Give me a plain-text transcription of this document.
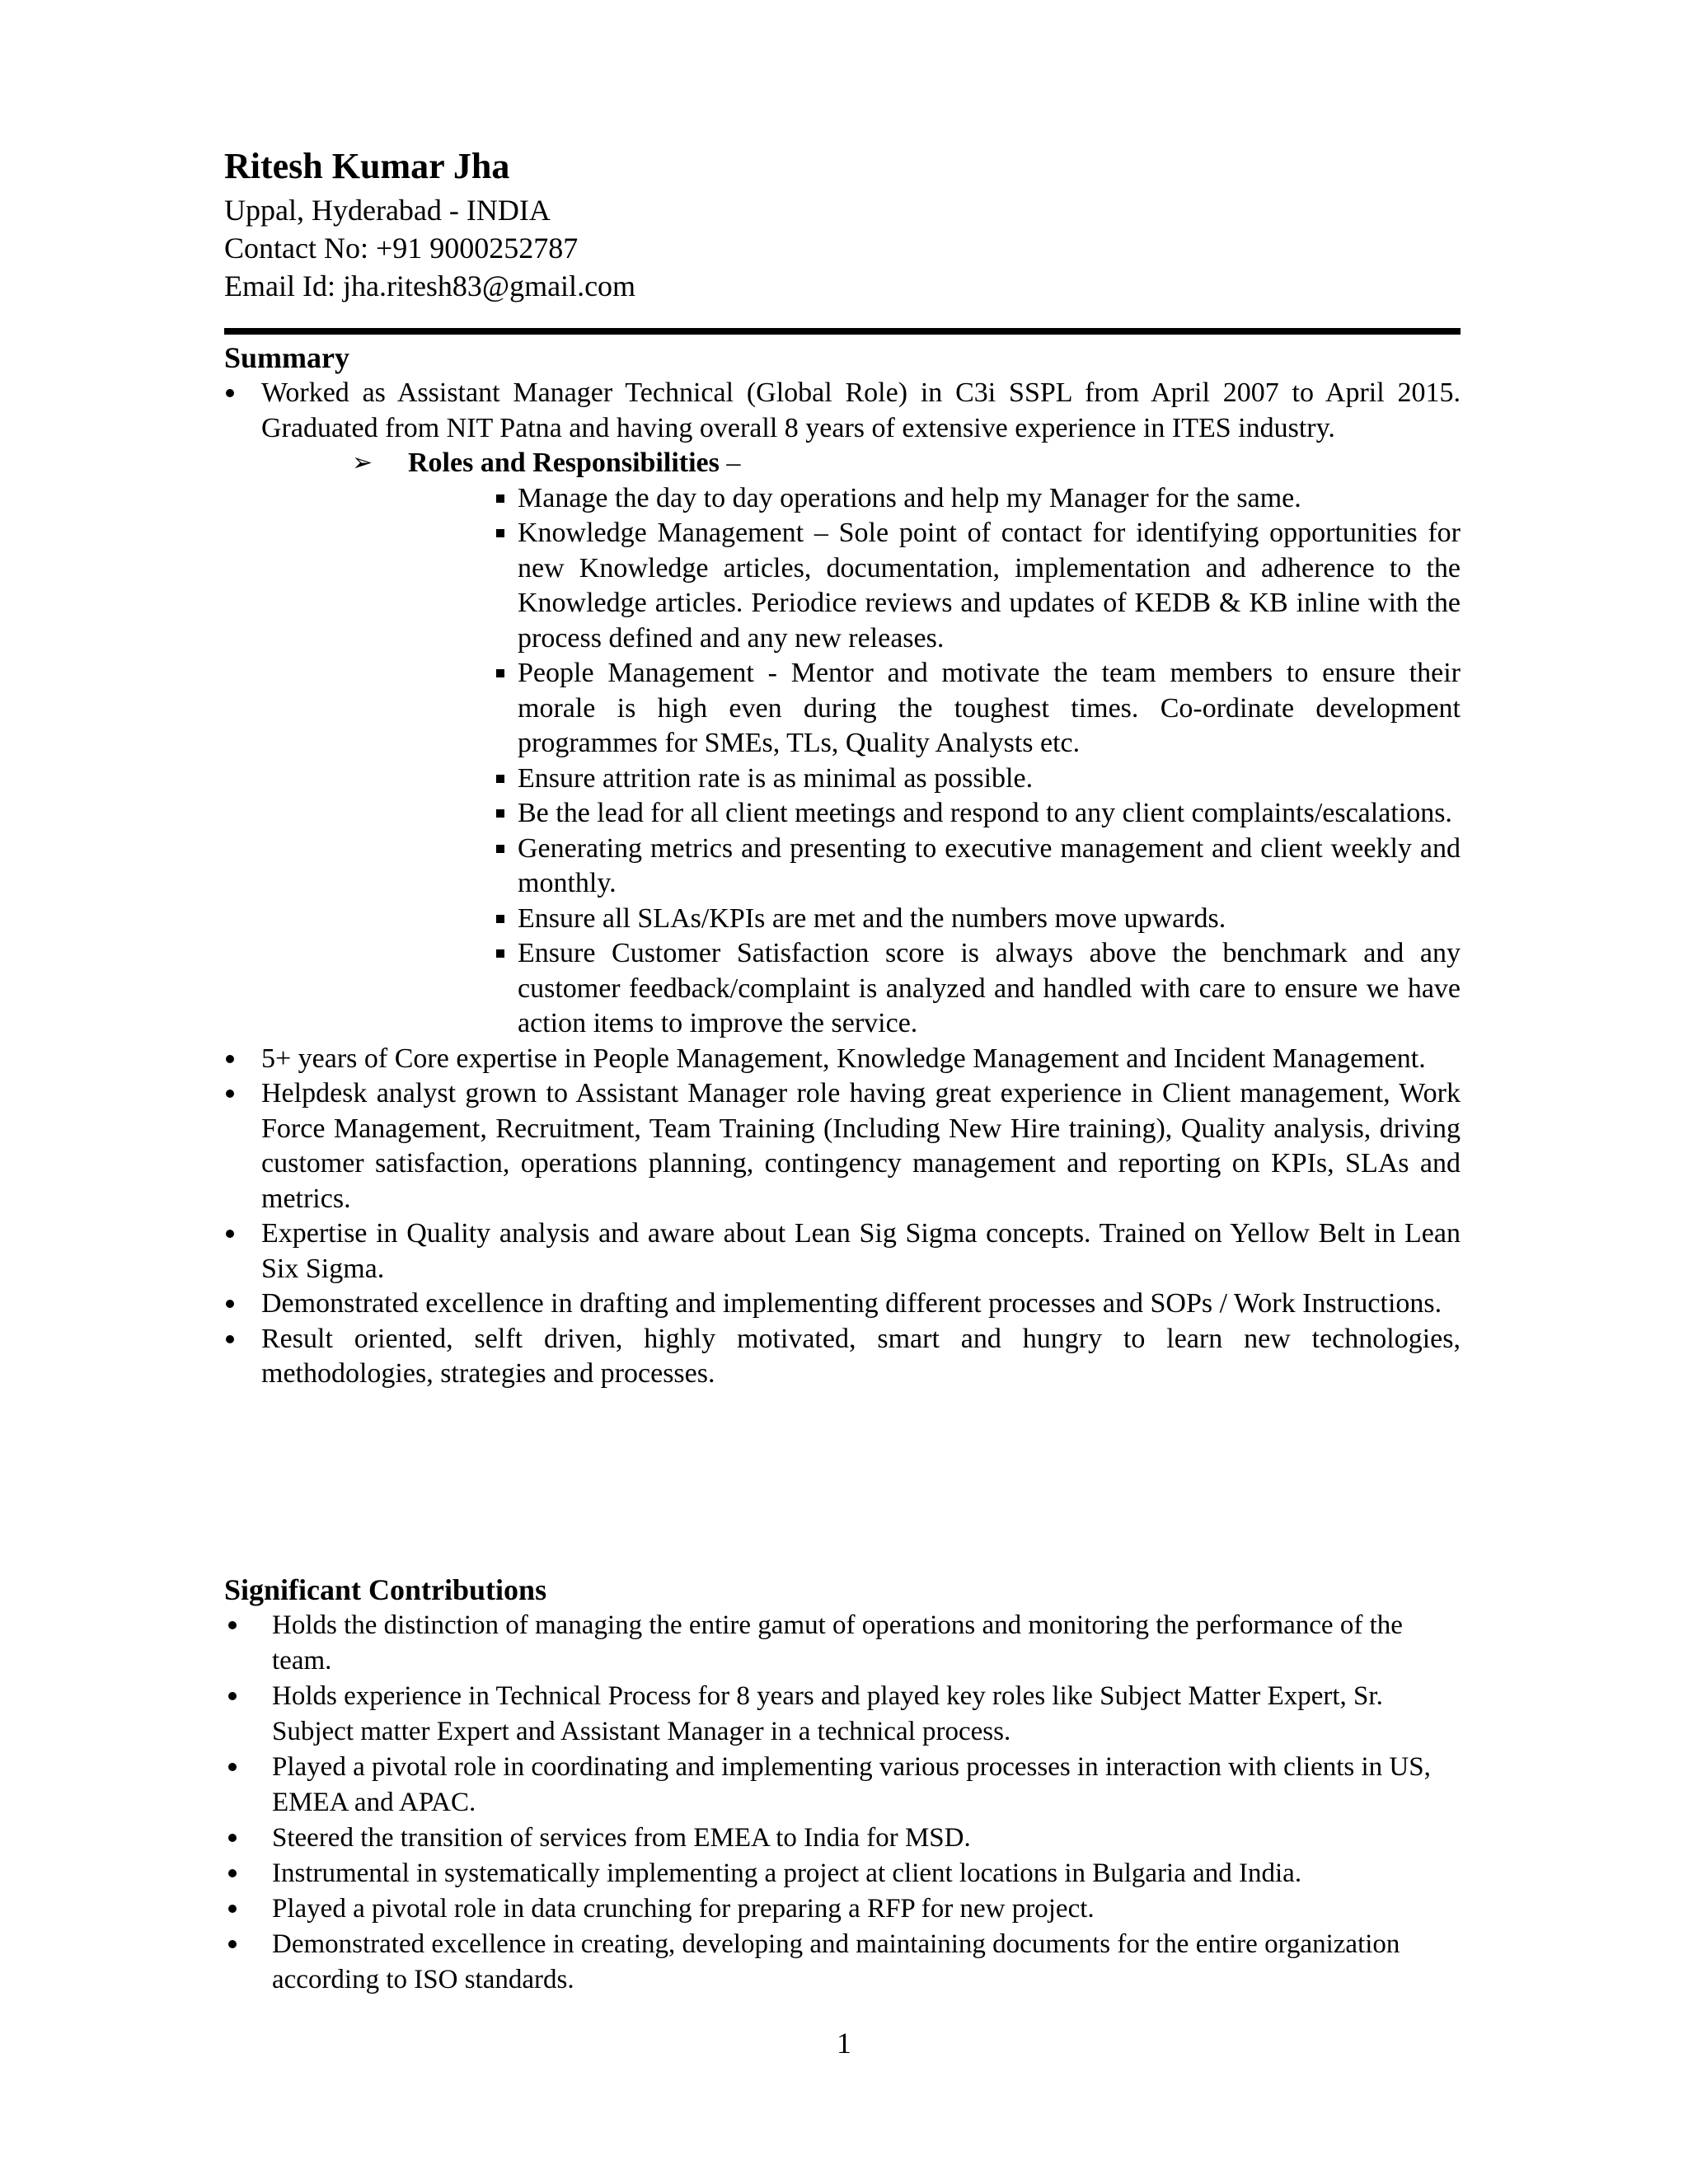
Ritesh Kumar Jha

Uppal, Hyderabad - INDIA

Contact No: +91 9000252787

Email Id: jha.ritesh83@gmail.com

Summary

Worked as Assistant Manager Technical (Global Role) in C3i SSPL from April 2007 to April 2015. Graduated from NIT Patna and having overall 8 years of extensive experience in ITES industry.

➢ Roles and Responsibilities –

Manage the day to day operations and help my Manager for the same.
Knowledge Management – Sole point of contact for identifying opportunities for new Knowledge articles, documentation, implementation and adherence to the Knowledge articles. Periodice reviews and updates of KEDB & KB inline with the process defined and any new releases.
People Management - Mentor and motivate the team members to ensure their morale is high even during the toughest times. Co-ordinate development programmes for SMEs, TLs, Quality Analysts etc.
Ensure attrition rate is as minimal as possible.
Be the lead for all client meetings and respond to any client complaints/escalations.
Generating metrics and presenting to executive management and client weekly and monthly.
Ensure all SLAs/KPIs are met and the numbers move upwards.
Ensure Customer Satisfaction score is always above the benchmark and any customer feedback/complaint is analyzed and handled with care to ensure we have action items to improve the service.
5+ years of Core expertise in People Management, Knowledge Management and Incident Management.
Helpdesk analyst grown to Assistant Manager role having great experience in Client management, Work Force Management, Recruitment, Team Training (Including New Hire training), Quality analysis, driving customer satisfaction, operations planning, contingency management and reporting on KPIs, SLAs and metrics.
Expertise in Quality analysis and aware about Lean Sig Sigma concepts. Trained on Yellow Belt in Lean Six Sigma.
Demonstrated excellence in drafting and implementing different processes and SOPs / Work Instructions.
Result oriented, selft driven, highly motivated, smart and hungry to learn new technologies, methodologies, strategies and processes.

Significant Contributions

Holds the distinction of managing the entire gamut of operations and monitoring the performance of the team.
Holds experience in Technical Process for 8 years and played key roles like Subject Matter Expert, Sr. Subject matter Expert and Assistant Manager in a technical process.
Played a pivotal role in coordinating and implementing various processes in interaction with clients in US, EMEA and APAC.
Steered the transition of services from EMEA to India for MSD.
Instrumental in systematically implementing a project at client locations in Bulgaria and India.
Played a pivotal role in data crunching for preparing a RFP for new project.
Demonstrated excellence in creating, developing and maintaining documents for the entire organization according to ISO standards.
1
